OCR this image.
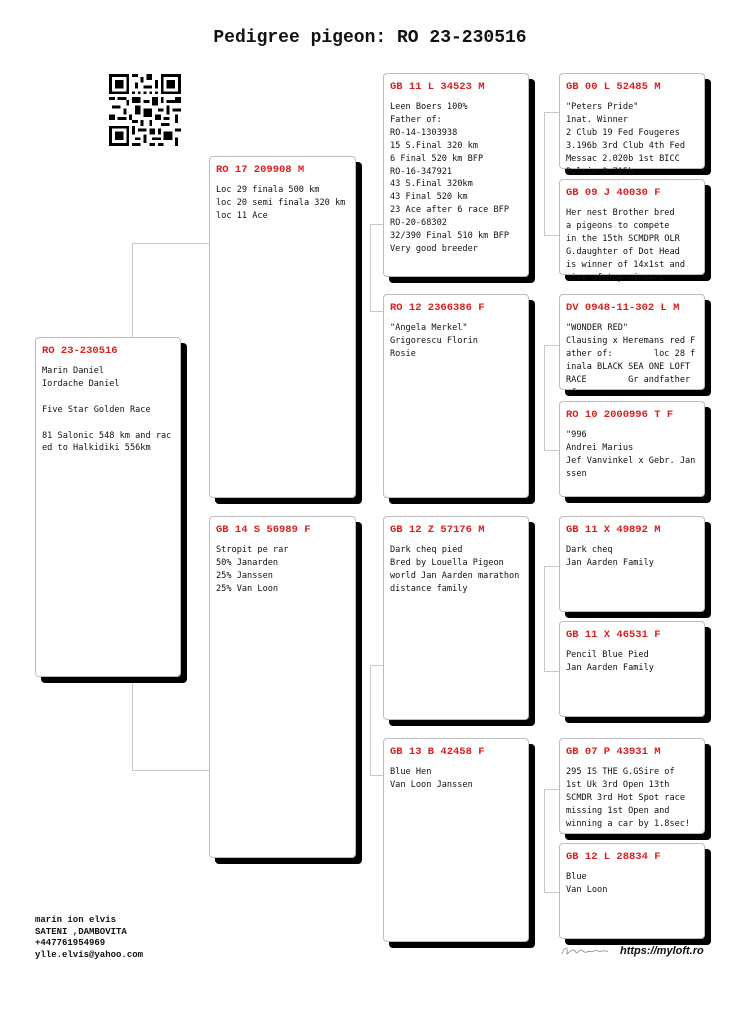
Pedigree pigeon: RO 23-230516
RO 23-230516
Marin Daniel
Iordache Daniel

Five Star Golden Race

81 Salonic 548 km and raced to Halkidiki 556km
RO 17 209908 M
Loc 29 finala 500 km
loc 20 semi finala 320 km loc 11 Ace
GB 14 S 56989 F
Stropit pe rar
50% Janarden
25% Janssen
25% Van Loon
GB 11 L 34523 M
Leen Boers 100%
Father of:
RO-14-1303938
15 S.Final 320 km
6 Final 520 km BFP
RO-16-347921
43 S.Final 320km
43 Final 520 km
23 Ace after 6 race BFP
RO-20-68302
32/390 Final 510 km BFP
Very good breeder
RO 12 2366386 F
"Angela Merkel"
Grigorescu Florin
Rosie
GB 12 Z 57176 M
Dark cheq pied
Bred by Louella Pigeon
world Jan Aarden marathon distance family
GB 13 B 42458 F
Blue Hen
Van Loon Janssen
GB 00 L 52485 M
"Peters Pride"
1nat. Winner
2 Club 19 Fed Fougeres
3.196b 3rd Club 4th Fed
Messac 2.020b 1st BICC
Bulsim 3.715b
GB 09 J 40030 F
Her nest Brother bred
a pigeons to compete
in the 15th SCMDPR OLR
G.daughter of Dot Head
is winner of 14x1st and
sire of top winners
DV 0948-11-302 L M
"WONDER RED"
Clausing x Heremans red Father of:        loc 28 finala BLACK SEA ONE LOFT RACE        Gr andfather of
RO 10 2000996 T F
"996
Andrei Marius
Jef Vanvinkel x Gebr. Janssen
GB 11 X 49892 M
Dark cheq
Jan Aarden Family
GB 11 X 46531 F
Pencil Blue Pied
Jan Aarden Family
GB 07 P 43931 M
295 IS THE G.GSire of
1st Uk 3rd Open 13th
SCMDR 3rd Hot Spot race
missing 1st Open and
winning a car by 1.8sec!
GB 12 L 28834 F
Blue
Van Loon
marin ion elvis
SATENI ,DAMBOVITA
+447761954969
ylle.elvis@yahoo.com	https://myloft.ro
